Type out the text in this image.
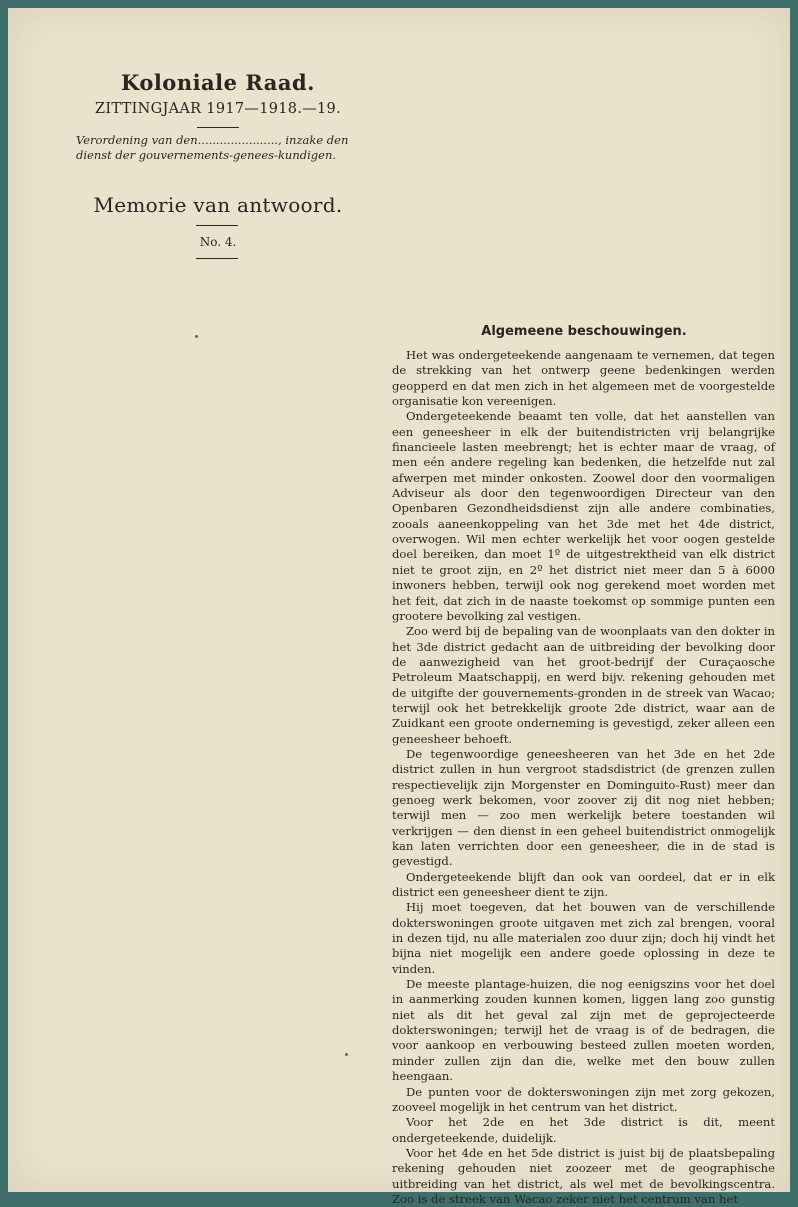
Koloniale Raad.
ZITTINGJAAR 1917—1918.—19.
Verordening van den......................, inzake den dienst der gouvernements-genees-kundigen.
Memorie van antwoord.
No. 4.
Algemeene beschouwingen.

Het was ondergeteekende aangenaam te vernemen, dat tegen de strekking van het ontwerp geene bedenkingen werden geopperd en dat men zich in het algemeen met de voorgestelde organisatie kon vereenigen.

Ondergeteekende beaamt ten volle, dat het aanstellen van een geneesheer in elk der buitendistricten vrij belangrijke financieele lasten meebrengt; het is echter maar de vraag, of men eén andere regeling kan bedenken, die hetzelfde nut zal afwerpen met minder onkosten. Zoowel door den voormaligen Adviseur als door den tegenwoordigen Directeur van den Openbaren Gezondheidsdienst zijn alle andere combinaties, zooals aaneenkoppeling van het 3de met het 4de district, overwogen. Wil men echter werkelijk het voor oogen gestelde doel bereiken, dan moet 1º de uitgestrektheid van elk district niet te groot zijn, en 2º het district niet meer dan 5 à 6000 inwoners hebben, terwijl ook nog gerekend moet worden met het feit, dat zich in de naaste toekomst op sommige punten een grootere bevolking zal vestigen.

Zoo werd bij de bepaling van de woonplaats van den dokter in het 3de district gedacht aan de uitbreiding der bevolking door de aanwezigheid van het groot-bedrijf der Curaçaosche Petroleum Maatschappij, en werd bijv. rekening gehouden met de uitgifte der gouvernements-gronden in de streek van Wacao; terwijl ook het betrekkelijk groote 2de district, waar aan de Zuidkant een groote onderneming is gevestigd, zeker alleen een geneesheer behoeft.

De tegenwoordige geneesheeren van het 3de en het 2de district zullen in hun vergroot stadsdistrict (de grenzen zullen respectievelijk zijn Morgenster en Dominguito-Rust) meer dan genoeg werk bekomen, voor zoover zij dit nog niet hebben; terwijl men — zoo men werkelijk betere toestanden wil verkrijgen — den dienst in een geheel buitendistrict onmogelijk kan laten verrichten door een geneesheer, die in de stad is gevestigd.

Ondergeteekende blijft dan ook van oordeel, dat er in elk district een geneesheer dient te zijn.

Hij moet toegeven, dat het bouwen van de verschillende dokterswoningen groote uitgaven met zich zal brengen, vooral in dezen tijd, nu alle materialen zoo duur zijn; doch hij vindt het bijna niet mogelijk een andere goede oplossing in deze te vinden.

De meeste plantage-huizen, die nog eenigszins voor het doel in aanmerking zouden kunnen komen, liggen lang zoo gunstig niet als dit het geval zal zijn met de geprojecteerde dokterswoningen; terwijl het de vraag is of de bedragen, die voor aankoop en verbouwing besteed zullen moeten worden, minder zullen zijn dan die, welke met den bouw zullen heengaan.

De punten voor de dokterswoningen zijn met zorg gekozen, zooveel mogelijk in het centrum van het district.

Voor het 2de en het 3de district is dit, meent ondergeteekende, duidelijk.

Voor het 4de en het 5de district is juist bij de plaatsbepaling rekening gehouden niet zoozeer met de geographische uitbreiding van het district, als wel met de bevolkingscentra. Zoo is de streek van Wacao zeker niet het centrum van het
